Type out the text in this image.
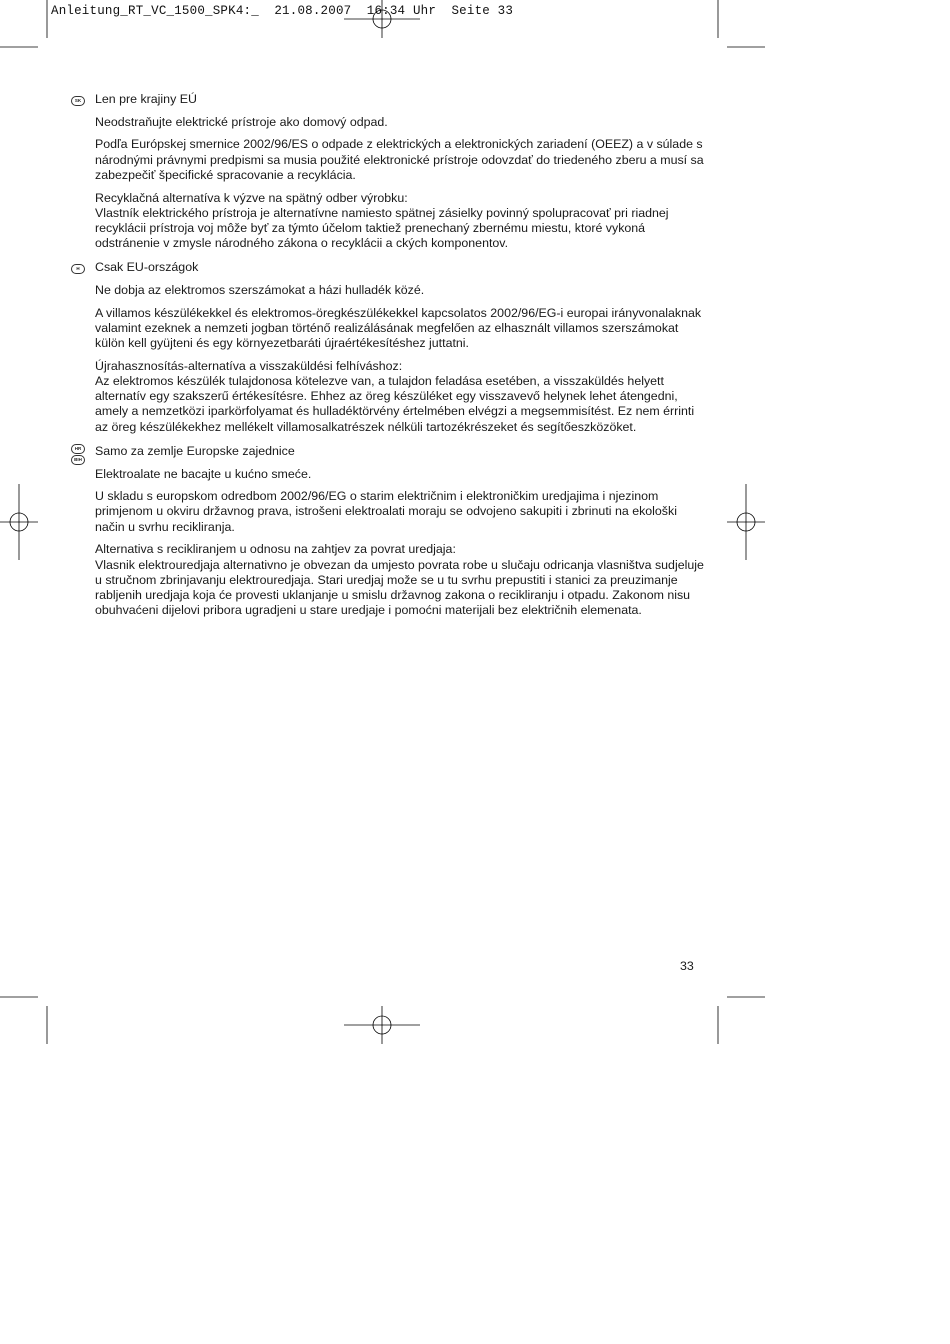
Anleitung_RT_VC_1500_SPK4:_  21.08.2007  16:34 Uhr  Seite 33
SK	Len pre krajiny EÚ

Neodstraňujte elektrické prístroje ako domový odpad.

Podľa Európskej smernice 2002/96/ES o odpade z elektrických a elektronických zariadení (OEEZ) a v súlade s národnými právnymi predpismi sa musia použité elektronické prístroje odovzdať do triedeného zberu a musí sa zabezpečiť špecifické spracovanie a recyklácia.

Recyklačná alternatíva k výzve na spätný odber výrobku:
Vlastník elektrického prístroja je alternatívne namiesto spätnej zásielky povinný spolupracovať pri riadnej recyklácii prístroja voj môže byť za týmto účelom taktiež prenechaný zbernému miestu, ktoré vykoná odstránenie v zmysle národného zákona o recyklácii a ckých komponentov.

H	Csak EU-országok

Ne dobja az elektromos szerszámokat a házi hulladék közé.

A villamos készülékekkel és elektromos-öregkészülékekkel kapcsolatos 2002/96/EG-i europai irányvonalaknak valamint ezeknek a nemzeti jogban történő realizálásának megfelően az elhasznált villamos szerszámokat külön kell gyüjteni és egy környezetbaráti újraértékesítéshez juttatni.

Újrahasznosítás-alternatíva a visszaküldési felhíváshoz:
Az elektromos készülék tulajdonosa kötelezve van, a tulajdon feladása esetében, a visszaküldés helyett alternatív egy szakszerű értékesítésre. Ehhez az öreg készüléket egy visszavevő helynek lehet átengedni, amely a nemzetközi iparkörfolyamat és hulladéktörvény értelmében elvégzi a megsemmisítést. Ez nem érrinti az öreg készülékekhez mellékelt villamosalkatrészek nélküli tartozékrészeket és segítőeszközöket.

HR
BIH

Samo za zemlje Europske zajednice

Elektroalate ne bacajte u kućno smeće.

U skladu s europskom odredbom 2002/96/EG o starim električnim i elektroničkim uredjajima i njezinom primjenom u okviru državnog prava, istrošeni elektroalati moraju se odvojeno sakupiti i zbrinuti na ekološki način u svrhu recikliranja.

Alternativa s recikliranjem u odnosu na zahtjev za povrat uredjaja:
Vlasnik elektrouredjaja alternativno je obvezan da umjesto povrata robe u slučaju odricanja vlasništva sudjeluje u stručnom zbrinjavanju elektrouredjaja. Stari uredjaj može se u tu svrhu prepustiti i stanici za preuzimanje rabljenih uredjaja koja će provesti uklanjanje u smislu državnog zakona o recikliranju i otpadu. Zakonom nisu obuhvaćeni dijelovi pribora ugradjeni u stare uredjaje i pomoćni materijali bez električnih elemenata.

33
